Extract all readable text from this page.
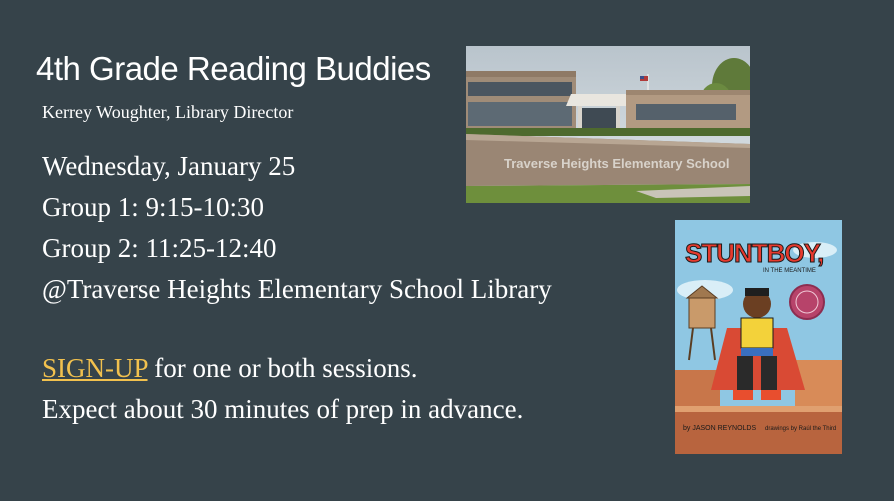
4th Grade Reading Buddies
Kerrey Woughter, Library Director
Wednesday, January 25
Group 1: 9:15-10:30
Group 2: 11:25-12:40
@Traverse Heights Elementary School Library
SIGN-UP for one or both sessions.
Expect about 30 minutes of prep in advance.
Traverse Heights Elementary School
STUNTBOY,
IN THE MEANTIME
by JASON REYNOLDS drawings by Raúl the Third
